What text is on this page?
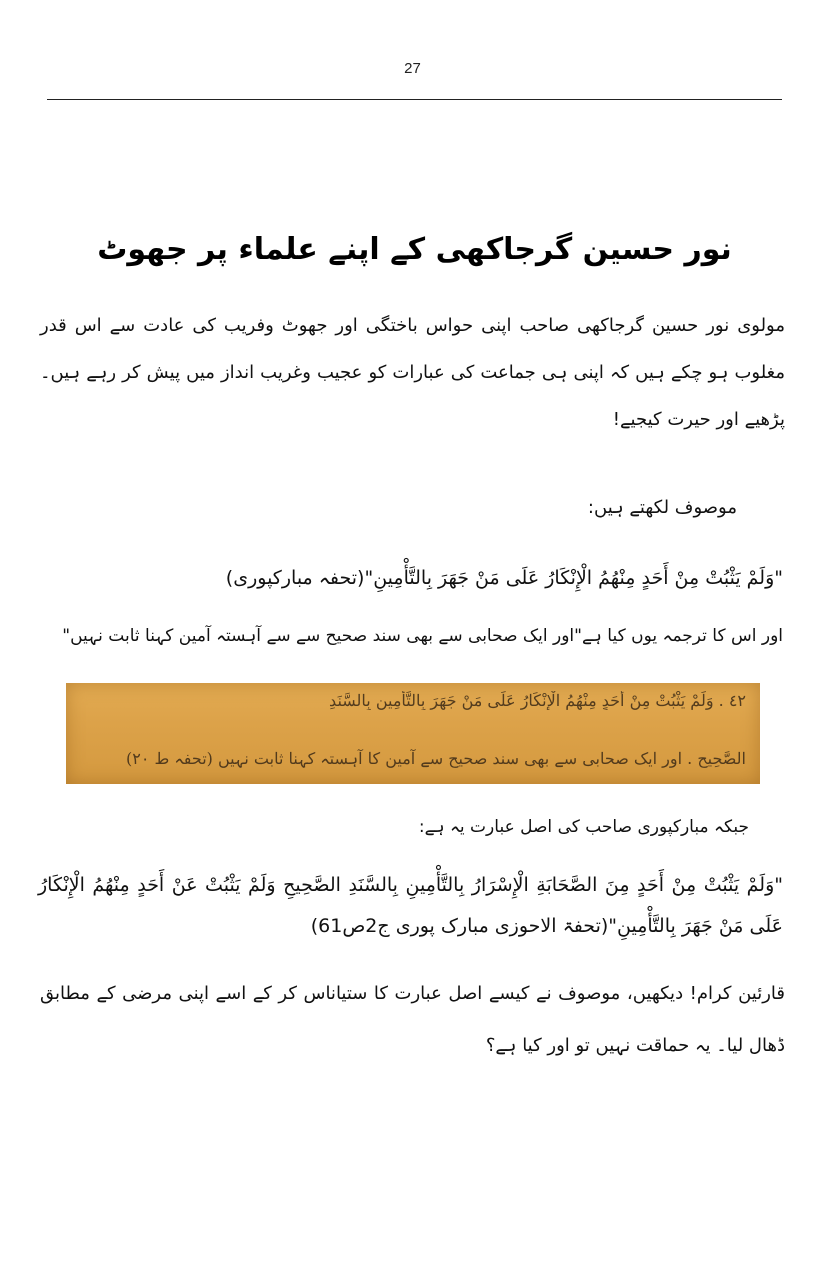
27
نور حسین گرجاکھی کے اپنے علماء پر جھوٹ
مولوی نور حسین گرجاکھی صاحب اپنی حواس باختگی اور جھوٹ وفریب کی عادت سے اس قدر مغلوب ہو چکے ہیں کہ اپنی ہی جماعت کی عبارات کو عجیب وغریب انداز میں پیش کر رہے ہیں۔ پڑھیے اور حیرت کیجیے!
موصوف لکھتے ہیں:
"وَلَمْ يَثْبُتْ مِنْ أَحَدٍ مِنْهُمُ الْإِنْكَارُ عَلَى مَنْ جَهَرَ بِالتَّأْمِينِ"(تحفہ مبارکپوری)
اور اس کا ترجمہ یوں کیا ہے"اور ایک صحابی سے بھی سند صحیح سے سے آہستہ آمین کہنا ثابت نہیں"
٤٢ . وَلَمْ يَثْبُتْ مِنْ أَحَدٍ مِنْهُمُ الْإِنْكَارُ عَلَى مَنْ جَهَرَ بِالتَّأْمِينِ بِالسَّنَدِ
الصَّحِيحِ . اور ایک صحابی سے بھی سند صحیح سے آمین کا آہستہ کہنا ثابت نہیں (تحفہ ط ٢٠)
جبکہ مبارکپوری صاحب کی اصل عبارت یہ ہے:
"وَلَمْ يَثْبُتْ مِنْ أَحَدٍ مِنَ الصَّحَابَةِ الْإِسْرَارُ بِالتَّأْمِينِ بِالسَّنَدِ الصَّحِيحِ وَلَمْ يَثْبُتْ عَنْ أَحَدٍ مِنْهُمُ الْإِنْكَارُ عَلَى مَنْ جَهَرَ بِالتَّأْمِينِ"(تحفۃ الاحوزی مبارک پوری ج2ص61)
قارئین کرام! دیکھیں، موصوف نے کیسے اصل عبارت کا ستیاناس کر کے اسے اپنی مرضی کے مطابق ڈھال لیا۔ یہ حماقت نہیں تو اور کیا ہے؟
